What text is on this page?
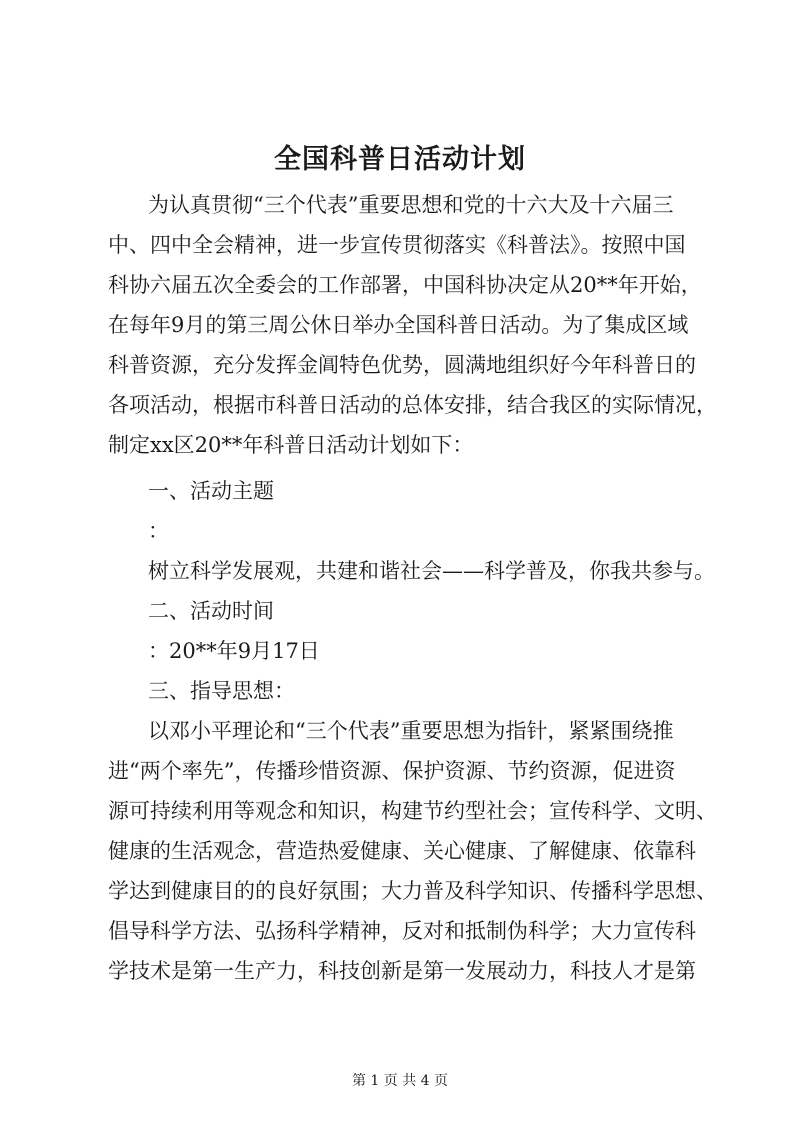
全国科普日活动计划
为认真贯彻“三个代表”重要思想和党的十六大及十六届三
中、四中全会精神，进一步宣传贯彻落实《科普法》。按照中国
科协六届五次全委会的工作部署，中国科协决定从20**年开始，
在每年9月的第三周公休日举办全国科普日活动。为了集成区域
科普资源，充分发挥金阊特色优势，圆满地组织好今年科普日的
各项活动，根据市科普日活动的总体安排，结合我区的实际情况，
制定xx区20**年科普日活动计划如下：
一、活动主题
：
树立科学发展观，共建和谐社会——科学普及，你我共参与。
二、活动时间
：20**年9月17日
三、指导思想：
以邓小平理论和“三个代表”重要思想为指针，紧紧围绕推
进“两个率先”，传播珍惜资源、保护资源、节约资源，促进资
源可持续利用等观念和知识，构建节约型社会；宣传科学、文明、
健康的生活观念，营造热爱健康、关心健康、了解健康、依靠科
学达到健康目的的良好氛围；大力普及科学知识、传播科学思想、
倡导科学方法、弘扬科学精神，反对和抵制伪科学；大力宣传科
学技术是第一生产力，科技创新是第一发展动力，科技人才是第
第 1 页 共 4 页
